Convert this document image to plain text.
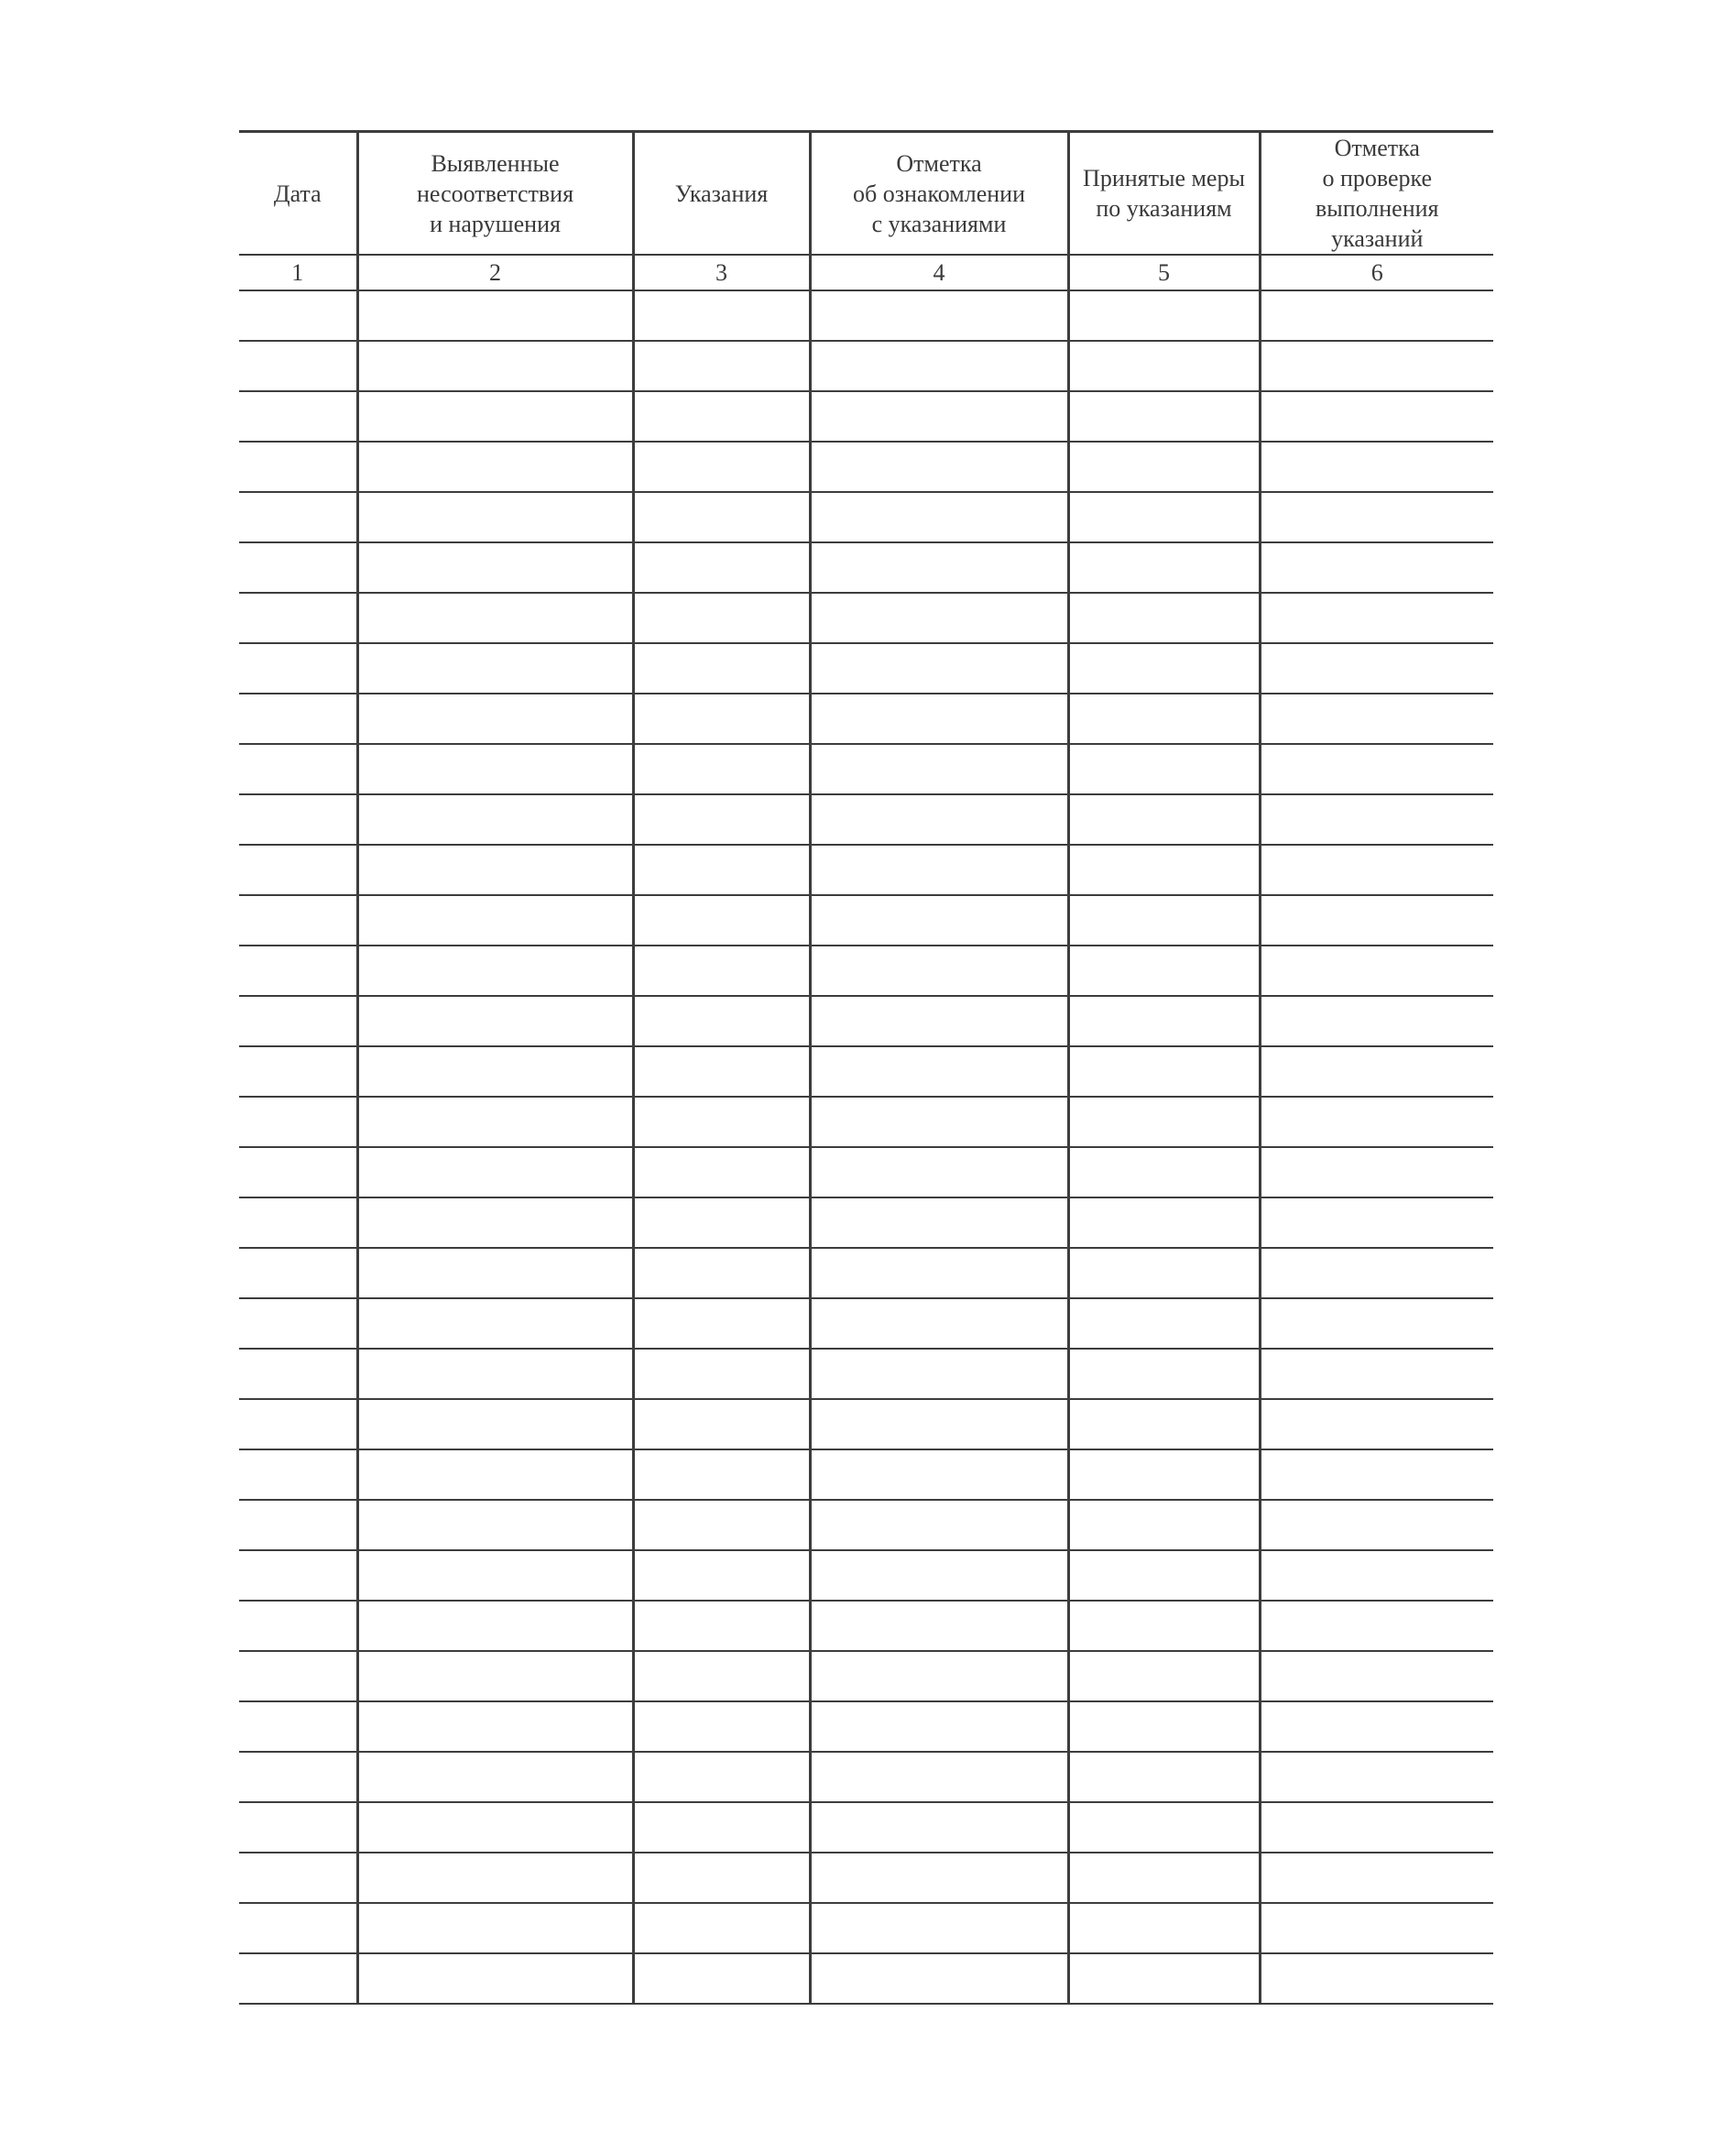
Дата	Выявленные
несоответствия
и нарушения	Указания	Отметка
об ознакомлении
с указаниями	Принятые меры
по указаниям	Отметка
о проверке
выполнения
указаний
1	2	3	4	5	6
